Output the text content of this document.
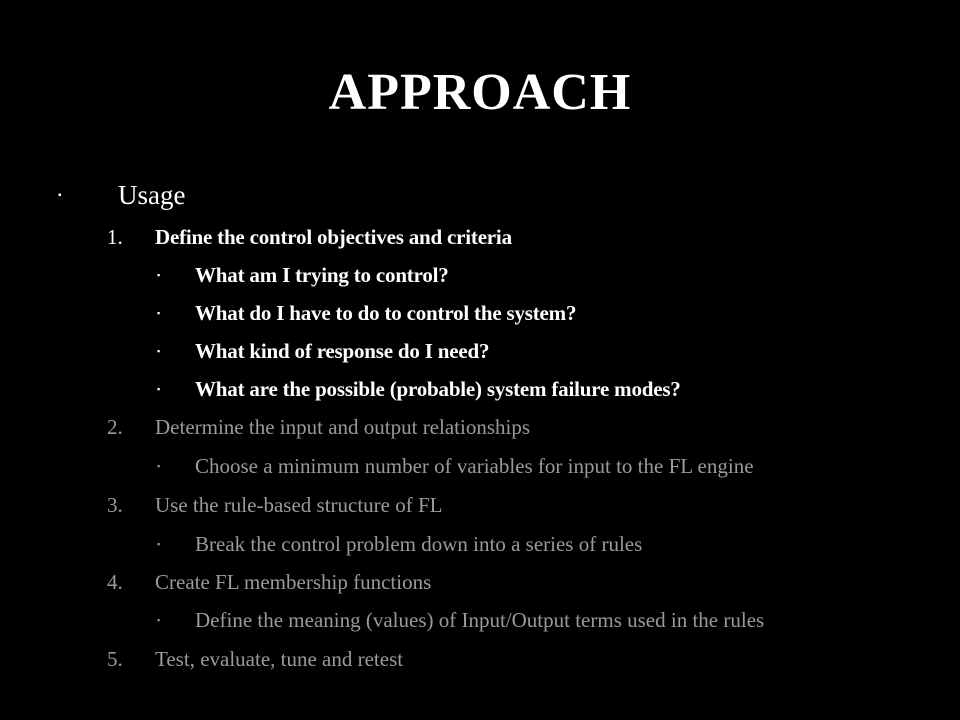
APPROACH
▪	Usage
1.	Define the control objectives and criteria
▪	What am I trying to control?
▪	What do I have to do to control the system?
▪	What kind of response do I need?
▪	What are the possible (probable) system failure modes?
2.	Determine the input and output relationships
▪	Choose a minimum number of variables for input to the FL engine
3.	Use the rule-based structure of FL
▪	Break the control problem down into a series of rules
4.	Create FL membership functions
▪	Define the meaning (values) of Input/Output terms used in the rules
5.	Test, evaluate, tune and retest
